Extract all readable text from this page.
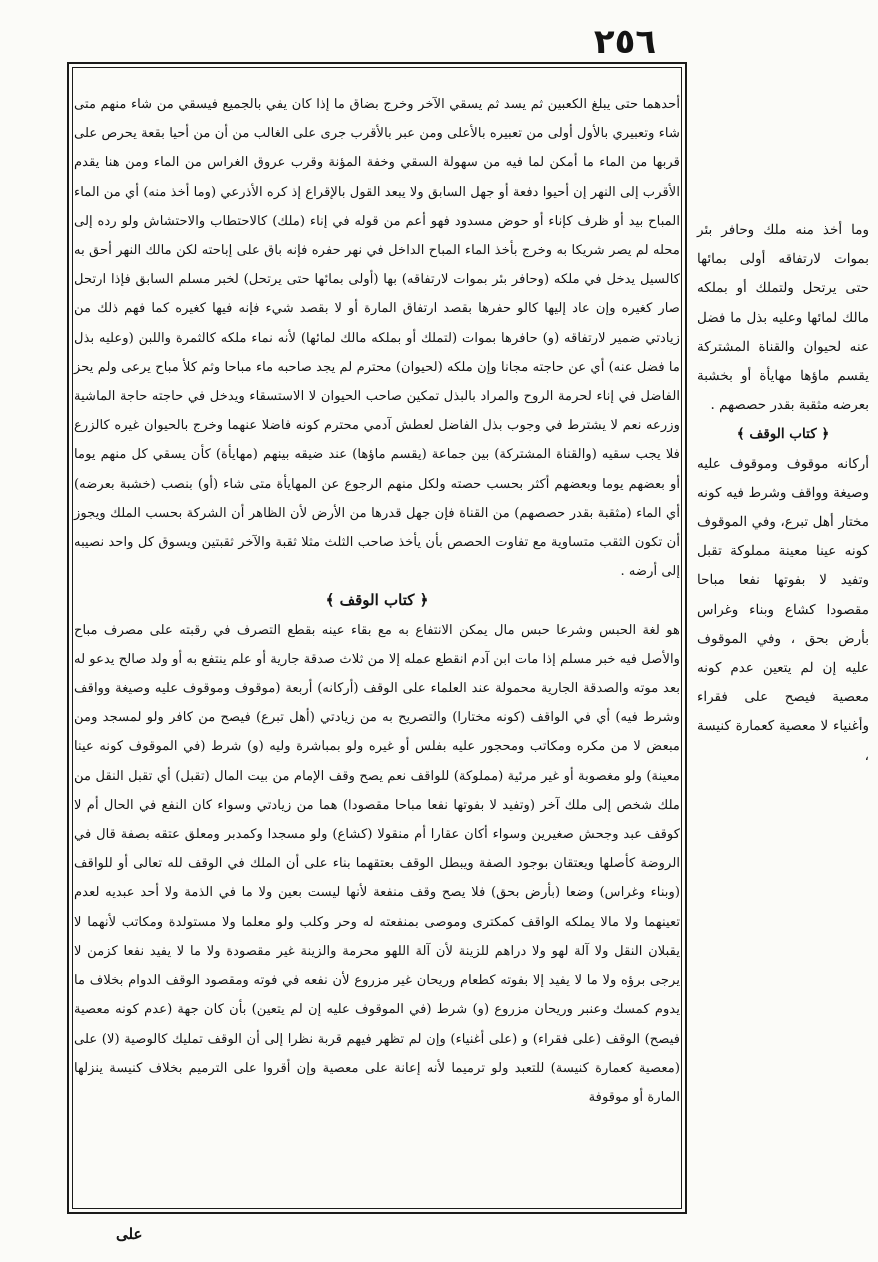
٢٥٦

أحدهما حتى يبلغ الكعبين ثم يسد ثم يسقي الآخر وخرج بضاق ما إذا كان يفي بالجميع فيسقي من شاء منهم متى شاء وتعبيري بالأول أولى من تعبيره بالأعلى ومن عبر بالأقرب جرى على الغالب من أن من أحيا بقعة يحرص على قربها من الماء ما أمكن لما فيه من سهولة السقي وخفة المؤنة وقرب عروق الغراس من الماء ومن هنا يقدم الأقرب إلى النهر إن أحيوا دفعة أو جهل السابق ولا يبعد القول بالإقراع إذ كره الأذرعي (وما أخذ منه) أي من الماء المباح بيد أو ظرف كإناء أو حوض مسدود فهو أعم من قوله في إناء (ملك) كالاحتطاب والاحتشاش ولو رده إلى محله لم يصر شريكا به وخرج بأخذ الماء المباح الداخل في نهر حفره فإنه باق على إباحته لكن مالك النهر أحق به كالسيل يدخل في ملكه (وحافر بئر بموات لارتفاقه) بها (أولى بمائها حتى يرتحل) لخبر مسلم السابق فإذا ارتحل صار كغيره وإن عاد إليها كالو حفرها بقصد ارتفاق المارة أو لا بقصد شيء فإنه فيها كغيره كما فهم ذلك من زيادتي ضمير لارتفاقه (و) حافرها بموات (لتملك أو بملكه مالك لمائها) لأنه نماء ملكه كالثمرة واللبن (وعليه بذل ما فضل عنه) أي عن حاجته مجانا وإن ملكه (لحيوان) محترم لم يجد صاحبه ماء مباحا وثم كلأ مباح يرعى ولم يحز الفاضل في إناء لحرمة الروح والمراد بالبذل تمكين صاحب الحيوان لا الاستسقاء ويدخل في حاجته حاجة الماشية وزرعه نعم لا يشترط في وجوب بذل الفاضل لعطش آدمي محترم كونه فاضلا عنهما وخرج بالحيوان غيره كالزرع فلا يجب سقيه (والقناة المشتركة) بين جماعة (يقسم ماؤها) عند ضيقه بينهم (مهايأة) كأن يسقي كل منهم يوما أو بعضهم يوما وبعضهم أكثر بحسب حصته ولكل منهم الرجوع عن المهايأة متى شاء (أو) بنصب (خشبة بعرضه) أي الماء (مثقبة بقدر حصصهم) من القناة فإن جهل قدرها من الأرض لأن الظاهر أن الشركة بحسب الملك ويجوز أن تكون الثقب متساوية مع تفاوت الحصص بأن يأخذ صاحب الثلث مثلا ثقبة والآخر ثقبتين ويسوق كل واحد نصيبه إلى أرضه .

﴿ كتاب الوقف ﴾

هو لغة الحبس وشرعا حبس مال يمكن الانتفاع به مع بقاء عينه بقطع التصرف في رقبته على مصرف مباح والأصل فيه خبر مسلم إذا مات ابن آدم انقطع عمله إلا من ثلاث صدقة جارية أو علم ينتفع به أو ولد صالح يدعو له بعد موته والصدقة الجارية محمولة عند العلماء على الوقف (أركانه) أربعة (موقوف وموقوف عليه وصيغة وواقف وشرط فيه) أي في الواقف (كونه مختارا) والتصريح به من زيادتي (أهل تبرع) فيصح من كافر ولو لمسجد ومن مبعض لا من مكره ومكاتب ومحجور عليه بفلس أو غيره ولو بمباشرة وليه (و) شرط (في الموقوف كونه عينا معينة) ولو مغصوبة أو غير مرئية (مملوكة) للواقف نعم يصح وقف الإمام من بيت المال (تقبل) أي تقبل النقل من ملك شخص إلى ملك آخر (وتفيد لا بفوتها نفعا مباحا مقصودا) هما من زيادتي وسواء كان النفع في الحال أم لا كوقف عبد وجحش صغيرين وسواء أكان عقارا أم منقولا (كشاع) ولو مسجدا وكمدبر ومعلق عتقه بصفة قال في الروضة كأصلها ويعتقان بوجود الصفة ويبطل الوقف بعتقهما بناء على أن الملك في الوقف لله تعالى أو للواقف (وبناء وغراس) وضعا (بأرض بحق) فلا يصح وقف منفعة لأنها ليست بعين ولا ما في الذمة ولا أحد عبديه لعدم تعينهما ولا مالا يملكه الواقف كمكترى وموصى بمنفعته له وحر وكلب ولو معلما ولا مستولدة ومكاتب لأنهما لا يقبلان النقل ولا آلة لهو ولا دراهم للزينة لأن آلة اللهو محرمة والزينة غير مقصودة ولا ما لا يفيد نفعا كزمن لا يرجى برؤه ولا ما لا يفيد إلا بفوته كطعام وريحان غير مزروع لأن نفعه في فوته ومقصود الوقف الدوام بخلاف ما يدوم كمسك وعنبر وريحان مزروع (و) شرط (في الموقوف عليه إن لم يتعين) بأن كان جهة (عدم كونه معصية فيصح) الوقف (على فقراء) و (على أغنياء) وإن لم تظهر فيهم قربة نظرا إلى أن الوقف تمليك كالوصية (لا) على (معصية كعمارة كنيسة) للتعبد ولو ترميما لأنه إعانة على معصية وإن أقروا على الترميم بخلاف كنيسة ينزلها المارة أو موقوفة

وما أخذ منه ملك وحافر بئر بموات لارتفاقه أولى بمائها حتى يرتحل ولتملك أو بملكه مالك لمائها وعليه بذل ما فضل عنه لحيوان والقناة المشتركة يقسم ماؤها مهايأة أو بخشبة بعرضه مثقبة بقدر حصصهم .

﴿ كتاب الوقف ﴾

أركانه موقوف وموقوف عليه وصيغة وواقف وشرط فيه كونه مختار أهل تبرع، وفي الموقوف كونه عينا معينة مملوكة تقبل وتفيد لا بفوتها نفعا مباحا مقصودا كشاع وبناء وغراس بأرض بحق ، وفي الموقوف عليه إن لم يتعين عدم كونه معصية فيصح على فقراء وأغنياء لا معصية كعمارة كنيسة ،

على
